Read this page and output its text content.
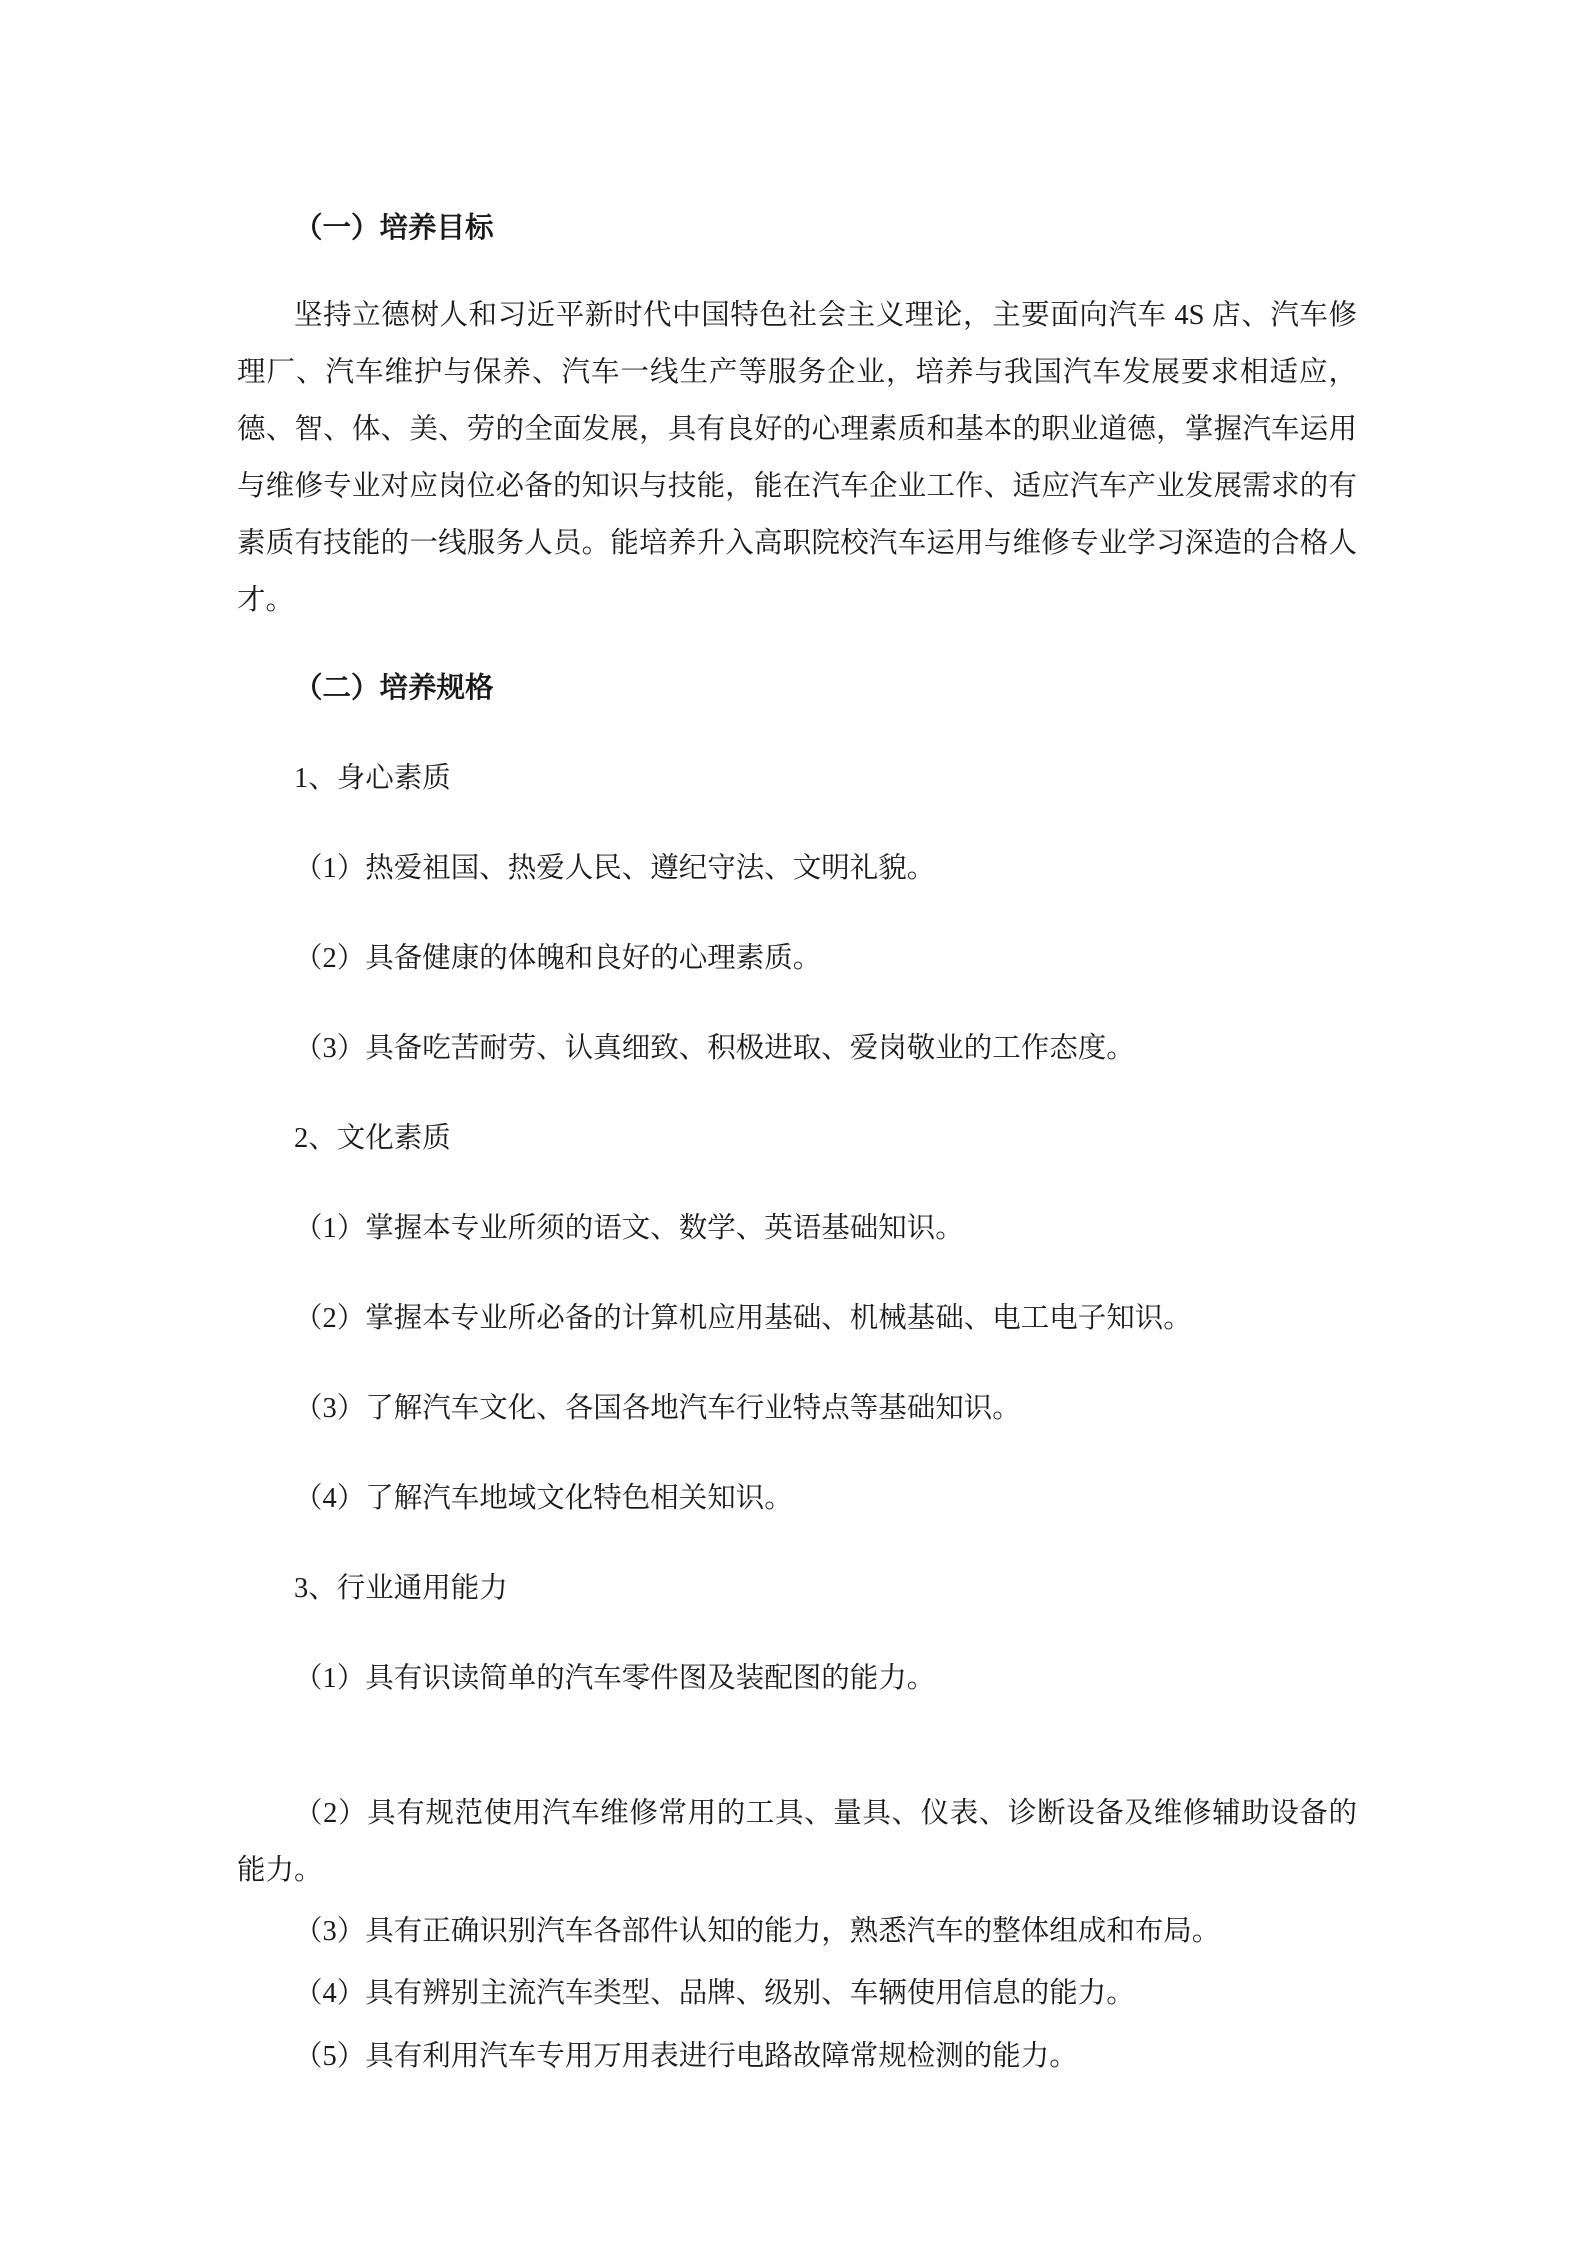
（一）培养目标

坚持立德树人和习近平新时代中国特色社会主义理论，主要面向汽车 4S 店、汽车修理厂、汽车维护与保养、汽车一线生产等服务企业，培养与我国汽车发展要求相适应，德、智、体、美、劳的全面发展，具有良好的心理素质和基本的职业道德，掌握汽车运用与维修专业对应岗位必备的知识与技能，能在汽车企业工作、适应汽车产业发展需求的有素质有技能的一线服务人员。能培养升入高职院校汽车运用与维修专业学习深造的合格人才。

（二）培养规格

1、身心素质

（1）热爱祖国、热爱人民、遵纪守法、文明礼貌。

（2）具备健康的体魄和良好的心理素质。

（3）具备吃苦耐劳、认真细致、积极进取、爱岗敬业的工作态度。

2、文化素质

（1）掌握本专业所须的语文、数学、英语基础知识。

（2）掌握本专业所必备的计算机应用基础、机械基础、电工电子知识。

（3）了解汽车文化、各国各地汽车行业特点等基础知识。

（4）了解汽车地域文化特色相关知识。

3、行业通用能力

（1）具有识读简单的汽车零件图及装配图的能力。

（2）具有规范使用汽车维修常用的工具、量具、仪表、诊断设备及维修辅助设备的能力。

（3）具有正确识别汽车各部件认知的能力，熟悉汽车的整体组成和布局。

（4）具有辨别主流汽车类型、品牌、级别、车辆使用信息的能力。

（5）具有利用汽车专用万用表进行电路故障常规检测的能力。
